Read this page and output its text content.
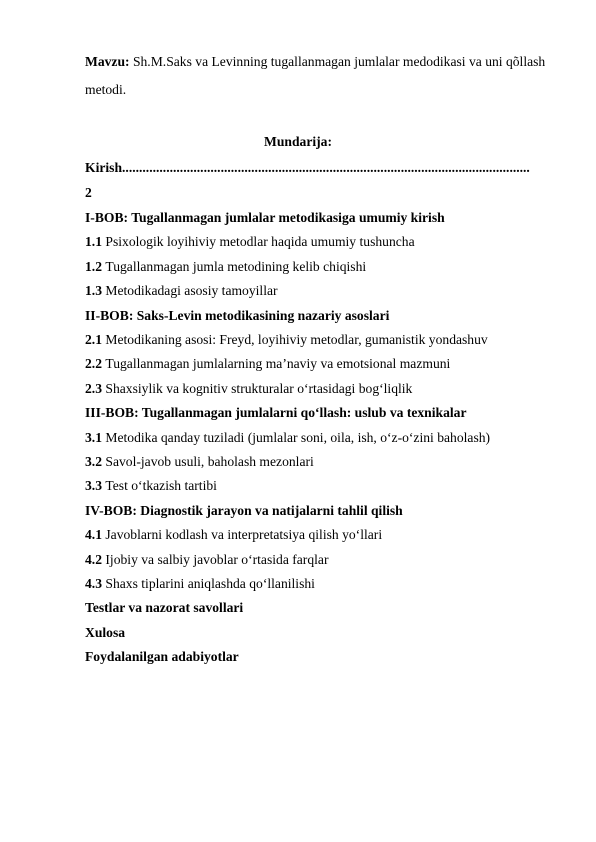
Mavzu: Sh.M.Saks va Levinning tugallanmagan jumlalar medodikasi va uni qõllash
metodi.
Mundarija:
Kirish........................................................................................................................
2
I-BOB: Tugallanmagan jumlalar metodikasiga umumiy kirish
1.1 Psixologik loyihiviy metodlar haqida umumiy tushuncha
1.2 Tugallanmagan jumla metodining kelib chiqishi
1.3 Metodikadagi asosiy tamoyillar
II-BOB: Saks-Levin metodikasining nazariy asoslari
2.1 Metodikaning asosi: Freyd, loyihiviy metodlar, gumanistik yondashuv
2.2 Tugallanmagan jumlalarning ma’naviy va emotsional mazmuni
2.3 Shaxsiylik va kognitiv strukturalar o‘rtasidagi bog‘liqlik
III-BOB: Tugallanmagan jumlalarni qo‘llash: uslub va texnikalar
3.1 Metodika qanday tuziladi (jumlalar soni, oila, ish, o‘z-o‘zini baholash)
3.2 Savol-javob usuli, baholash mezonlari
3.3 Test o‘tkazish tartibi
IV-BOB: Diagnostik jarayon va natijalarni tahlil qilish
4.1 Javoblarni kodlash va interpretatsiya qilish yo‘llari
4.2 Ijobiy va salbiy javoblar o‘rtasida farqlar
4.3 Shaxs tiplarini aniqlashda qo‘llanilishi
Testlar va nazorat savollari
Xulosa
Foydalanilgan adabiyotlar
